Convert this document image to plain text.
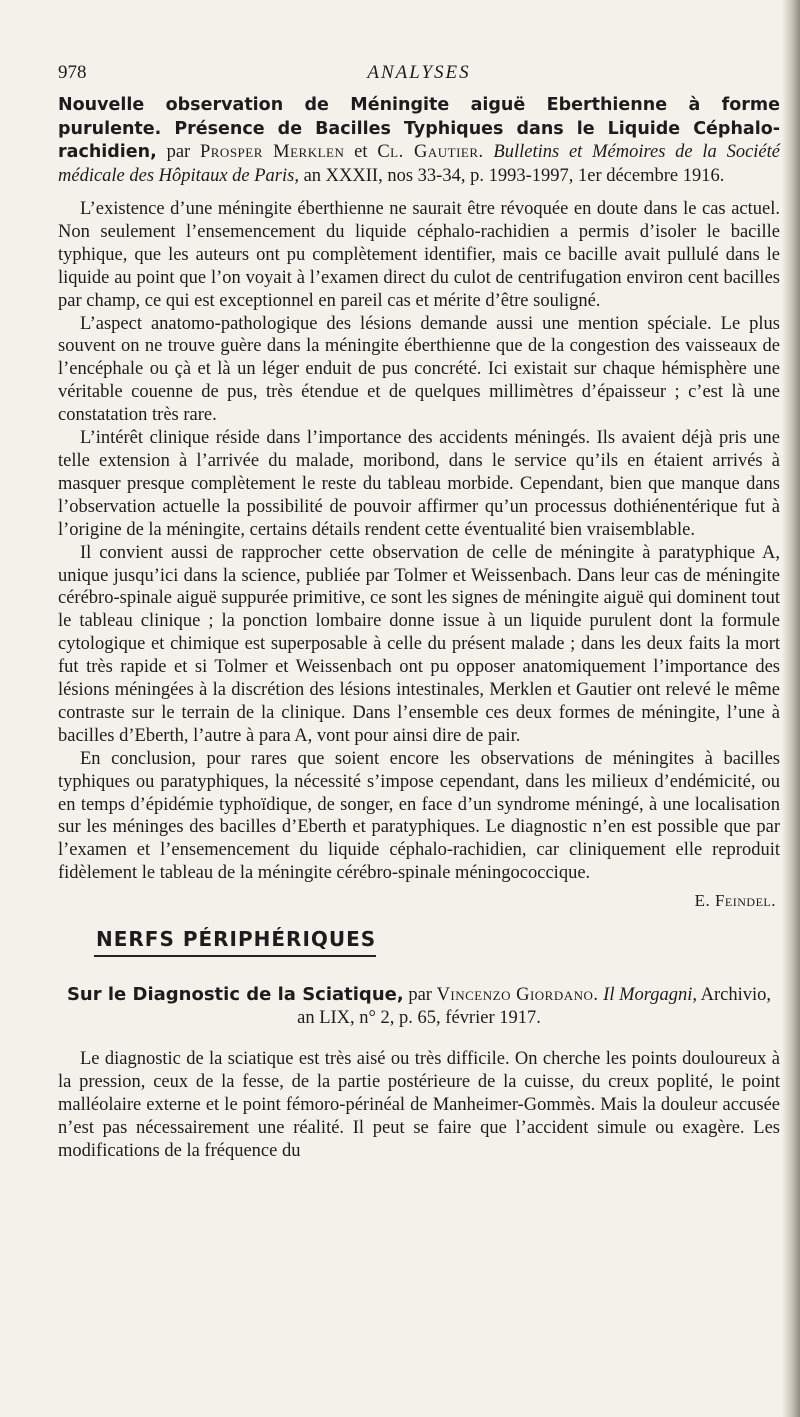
978	ANALYSES
Nouvelle observation de Méningite aiguë Eberthienne à forme purulente. Présence de Bacilles Typhiques dans le Liquide Céphalo-rachidien, par Prosper Merklen et Cl. Gautier. Bulletins et Mémoires de la Société médicale des Hôpitaux de Paris, an XXXII, nos 33-34, p. 1993-1997, 1er décembre 1916.

L’existence d’une méningite éberthienne ne saurait être révoquée en doute dans le cas actuel. Non seulement l’ensemencement du liquide céphalo-rachidien a permis d’isoler le bacille typhique, que les auteurs ont pu complètement identifier, mais ce bacille avait pullulé dans le liquide au point que l’on voyait à l’examen direct du culot de centrifugation environ cent bacilles par champ, ce qui est exceptionnel en pareil cas et mérite d’être souligné.

L’aspect anatomo-pathologique des lésions demande aussi une mention spéciale. Le plus souvent on ne trouve guère dans la méningite éberthienne que de la congestion des vaisseaux de l’encéphale ou çà et là un léger enduit de pus concrété. Ici existait sur chaque hémisphère une véritable couenne de pus, très étendue et de quelques millimètres d’épaisseur ; c’est là une constatation très rare.

L’intérêt clinique réside dans l’importance des accidents méningés. Ils avaient déjà pris une telle extension à l’arrivée du malade, moribond, dans le service qu’ils en étaient arrivés à masquer presque complètement le reste du tableau morbide. Cependant, bien que manque dans l’observation actuelle la possibilité de pouvoir affirmer qu’un processus dothiénentérique fut à l’origine de la méningite, certains détails rendent cette éventualité bien vraisemblable.

Il convient aussi de rapprocher cette observation de celle de méningite à paratyphique A, unique jusqu’ici dans la science, publiée par Tolmer et Weissenbach. Dans leur cas de méningite cérébro-spinale aiguë suppurée primitive, ce sont les signes de méningite aiguë qui dominent tout le tableau clinique ; la ponction lombaire donne issue à un liquide purulent dont la formule cytologique et chimique est superposable à celle du présent malade ; dans les deux faits la mort fut très rapide et si Tolmer et Weissenbach ont pu opposer anatomiquement l’importance des lésions méningées à la discrétion des lésions intestinales, Merklen et Gautier ont relevé le même contraste sur le terrain de la clinique. Dans l’ensemble ces deux formes de méningite, l’une à bacilles d’Eberth, l’autre à para A, vont pour ainsi dire de pair.

En conclusion, pour rares que soient encore les observations de méningites à bacilles typhiques ou paratyphiques, la nécessité s’impose cependant, dans les milieux d’endémicité, ou en temps d’épidémie typhoïdique, de songer, en face d’un syndrome méningé, à une localisation sur les méninges des bacilles d’Eberth et paratyphiques. Le diagnostic n’en est possible que par l’examen et l’ensemencement du liquide céphalo-rachidien, car cliniquement elle reproduit fidèlement le tableau de la méningite cérébro-spinale méningococcique.

E. Feindel.
NERFS PÉRIPHÉRIQUES
Sur le Diagnostic de la Sciatique, par Vincenzo Giordano. Il Morgagni, Archivio, an LIX, n° 2, p. 65, février 1917.

Le diagnostic de la sciatique est très aisé ou très difficile. On cherche les points douloureux à la pression, ceux de la fesse, de la partie postérieure de la cuisse, du creux poplité, le point malléolaire externe et le point fémoro-périnéal de Manheimer-Gommès. Mais la douleur accusée n’est pas nécessairement une réalité. Il peut se faire que l’accident simule ou exagère. Les modifications de la fréquence du
